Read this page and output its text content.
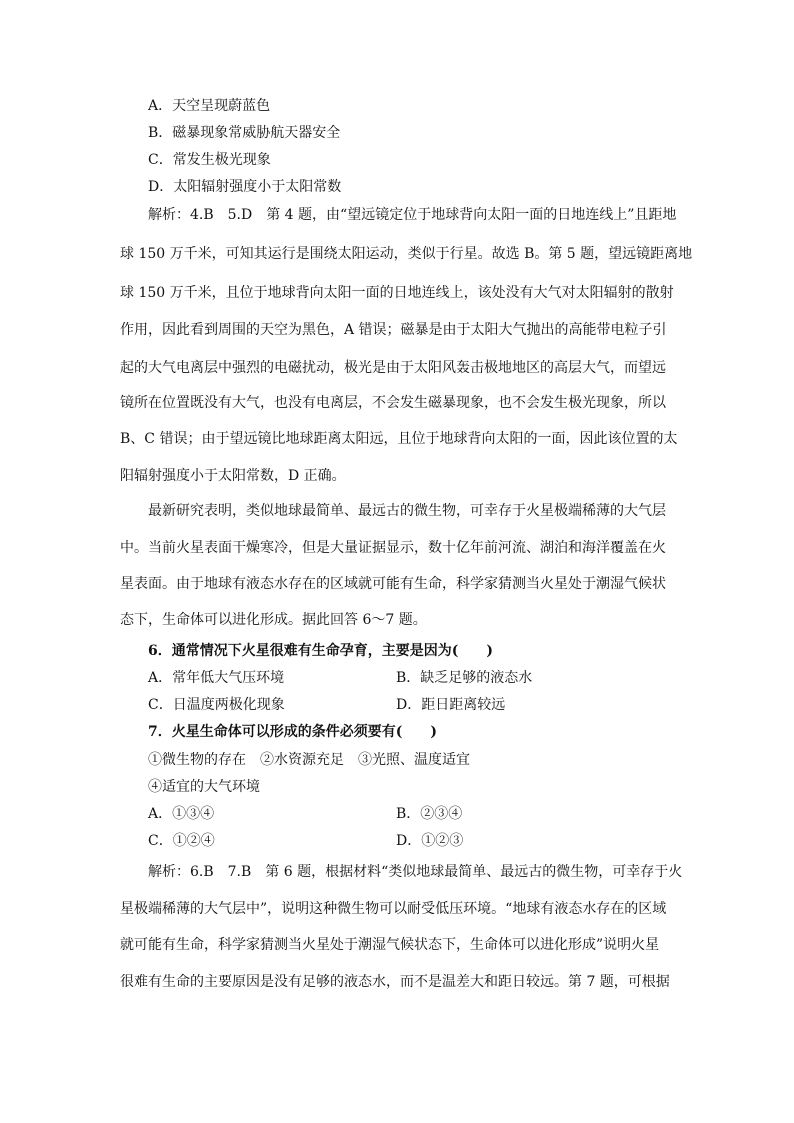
A．天空呈现蔚蓝色
B．磁暴现象常威胁航天器安全
C．常发生极光现象
D．太阳辐射强度小于太阳常数
解析：4.B　5.D　第 4 题，由“望远镜定位于地球背向太阳一面的日地连线上”且距地
球 150 万千米，可知其运行是围绕太阳运动，类似于行星。故选 B。第 5 题，望远镜距离地
球 150 万千米，且位于地球背向太阳一面的日地连线上，该处没有大气对太阳辐射的散射
作用，因此看到周围的天空为黑色，A 错误；磁暴是由于太阳大气抛出的高能带电粒子引
起的大气电离层中强烈的电磁扰动，极光是由于太阳风轰击极地地区的高层大气，而望远
镜所在位置既没有大气，也没有电离层，不会发生磁暴现象，也不会发生极光现象，所以
B、C 错误；由于望远镜比地球距离太阳远，且位于地球背向太阳的一面，因此该位置的太
阳辐射强度小于太阳常数，D 正确。
最新研究表明，类似地球最简单、最远古的微生物，可幸存于火星极端稀薄的大气层
中。当前火星表面干燥寒冷，但是大量证据显示，数十亿年前河流、湖泊和海洋覆盖在火
星表面。由于地球有液态水存在的区域就可能有生命，科学家猜测当火星处于潮湿气候状
态下，生命体可以进化形成。据此回答 6～7 题。
6．通常情况下火星很难有生命孕育，主要是因为(　　)
A．常年低大气压环境	B．缺乏足够的液态水
C．日温度两极化现象	D．距日距离较远
7．火星生命体可以形成的条件必须要有(　　)
①微生物的存在　②水资源充足　③光照、温度适宜
④适宜的大气环境
A．①③④	B．②③④
C．①②④	D．①②③
解析：6.B　7.B　第 6 题，根据材料“类似地球最简单、最远古的微生物，可幸存于火
星极端稀薄的大气层中”，说明这种微生物可以耐受低压环境。“地球有液态水存在的区域
就可能有生命，科学家猜测当火星处于潮湿气候状态下，生命体可以进化形成”说明火星
很难有生命的主要原因是没有足够的液态水，而不是温差大和距日较远。第 7 题，可根据
